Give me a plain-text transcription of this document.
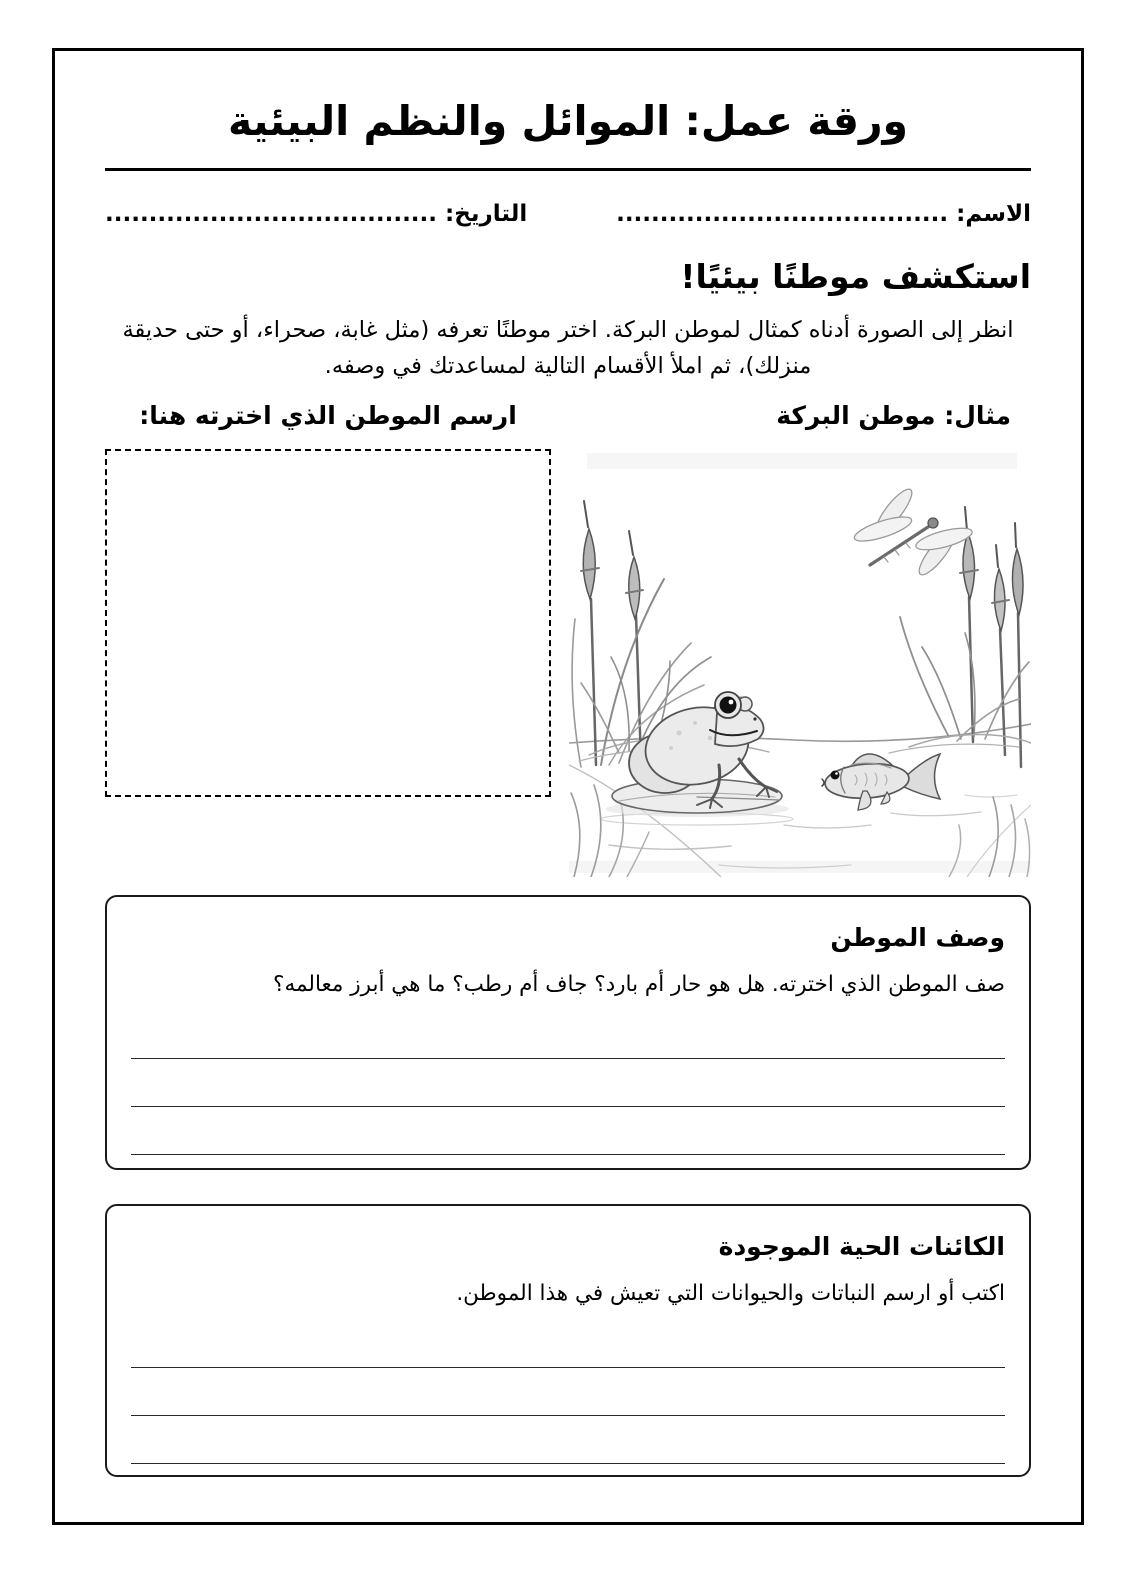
ورقة عمل: الموائل والنظم البيئية
الاسم: ......................................
التاريخ: ......................................
استكشف موطنًا بيئيًا!

انظر إلى الصورة أدناه كمثال لموطن البركة. اختر موطنًا تعرفه (مثل غابة، صحراء، أو حتى حديقة منزلك)، ثم املأ الأقسام التالية لمساعدتك في وصفه.

مثال: موطن البركة
ارسم الموطن الذي اخترته هنا:
وصف الموطن

صف الموطن الذي اخترته. هل هو حار أم بارد؟ جاف أم رطب؟ ما هي أبرز معالمه؟

الكائنات الحية الموجودة

اكتب أو ارسم النباتات والحيوانات التي تعيش في هذا الموطن.
